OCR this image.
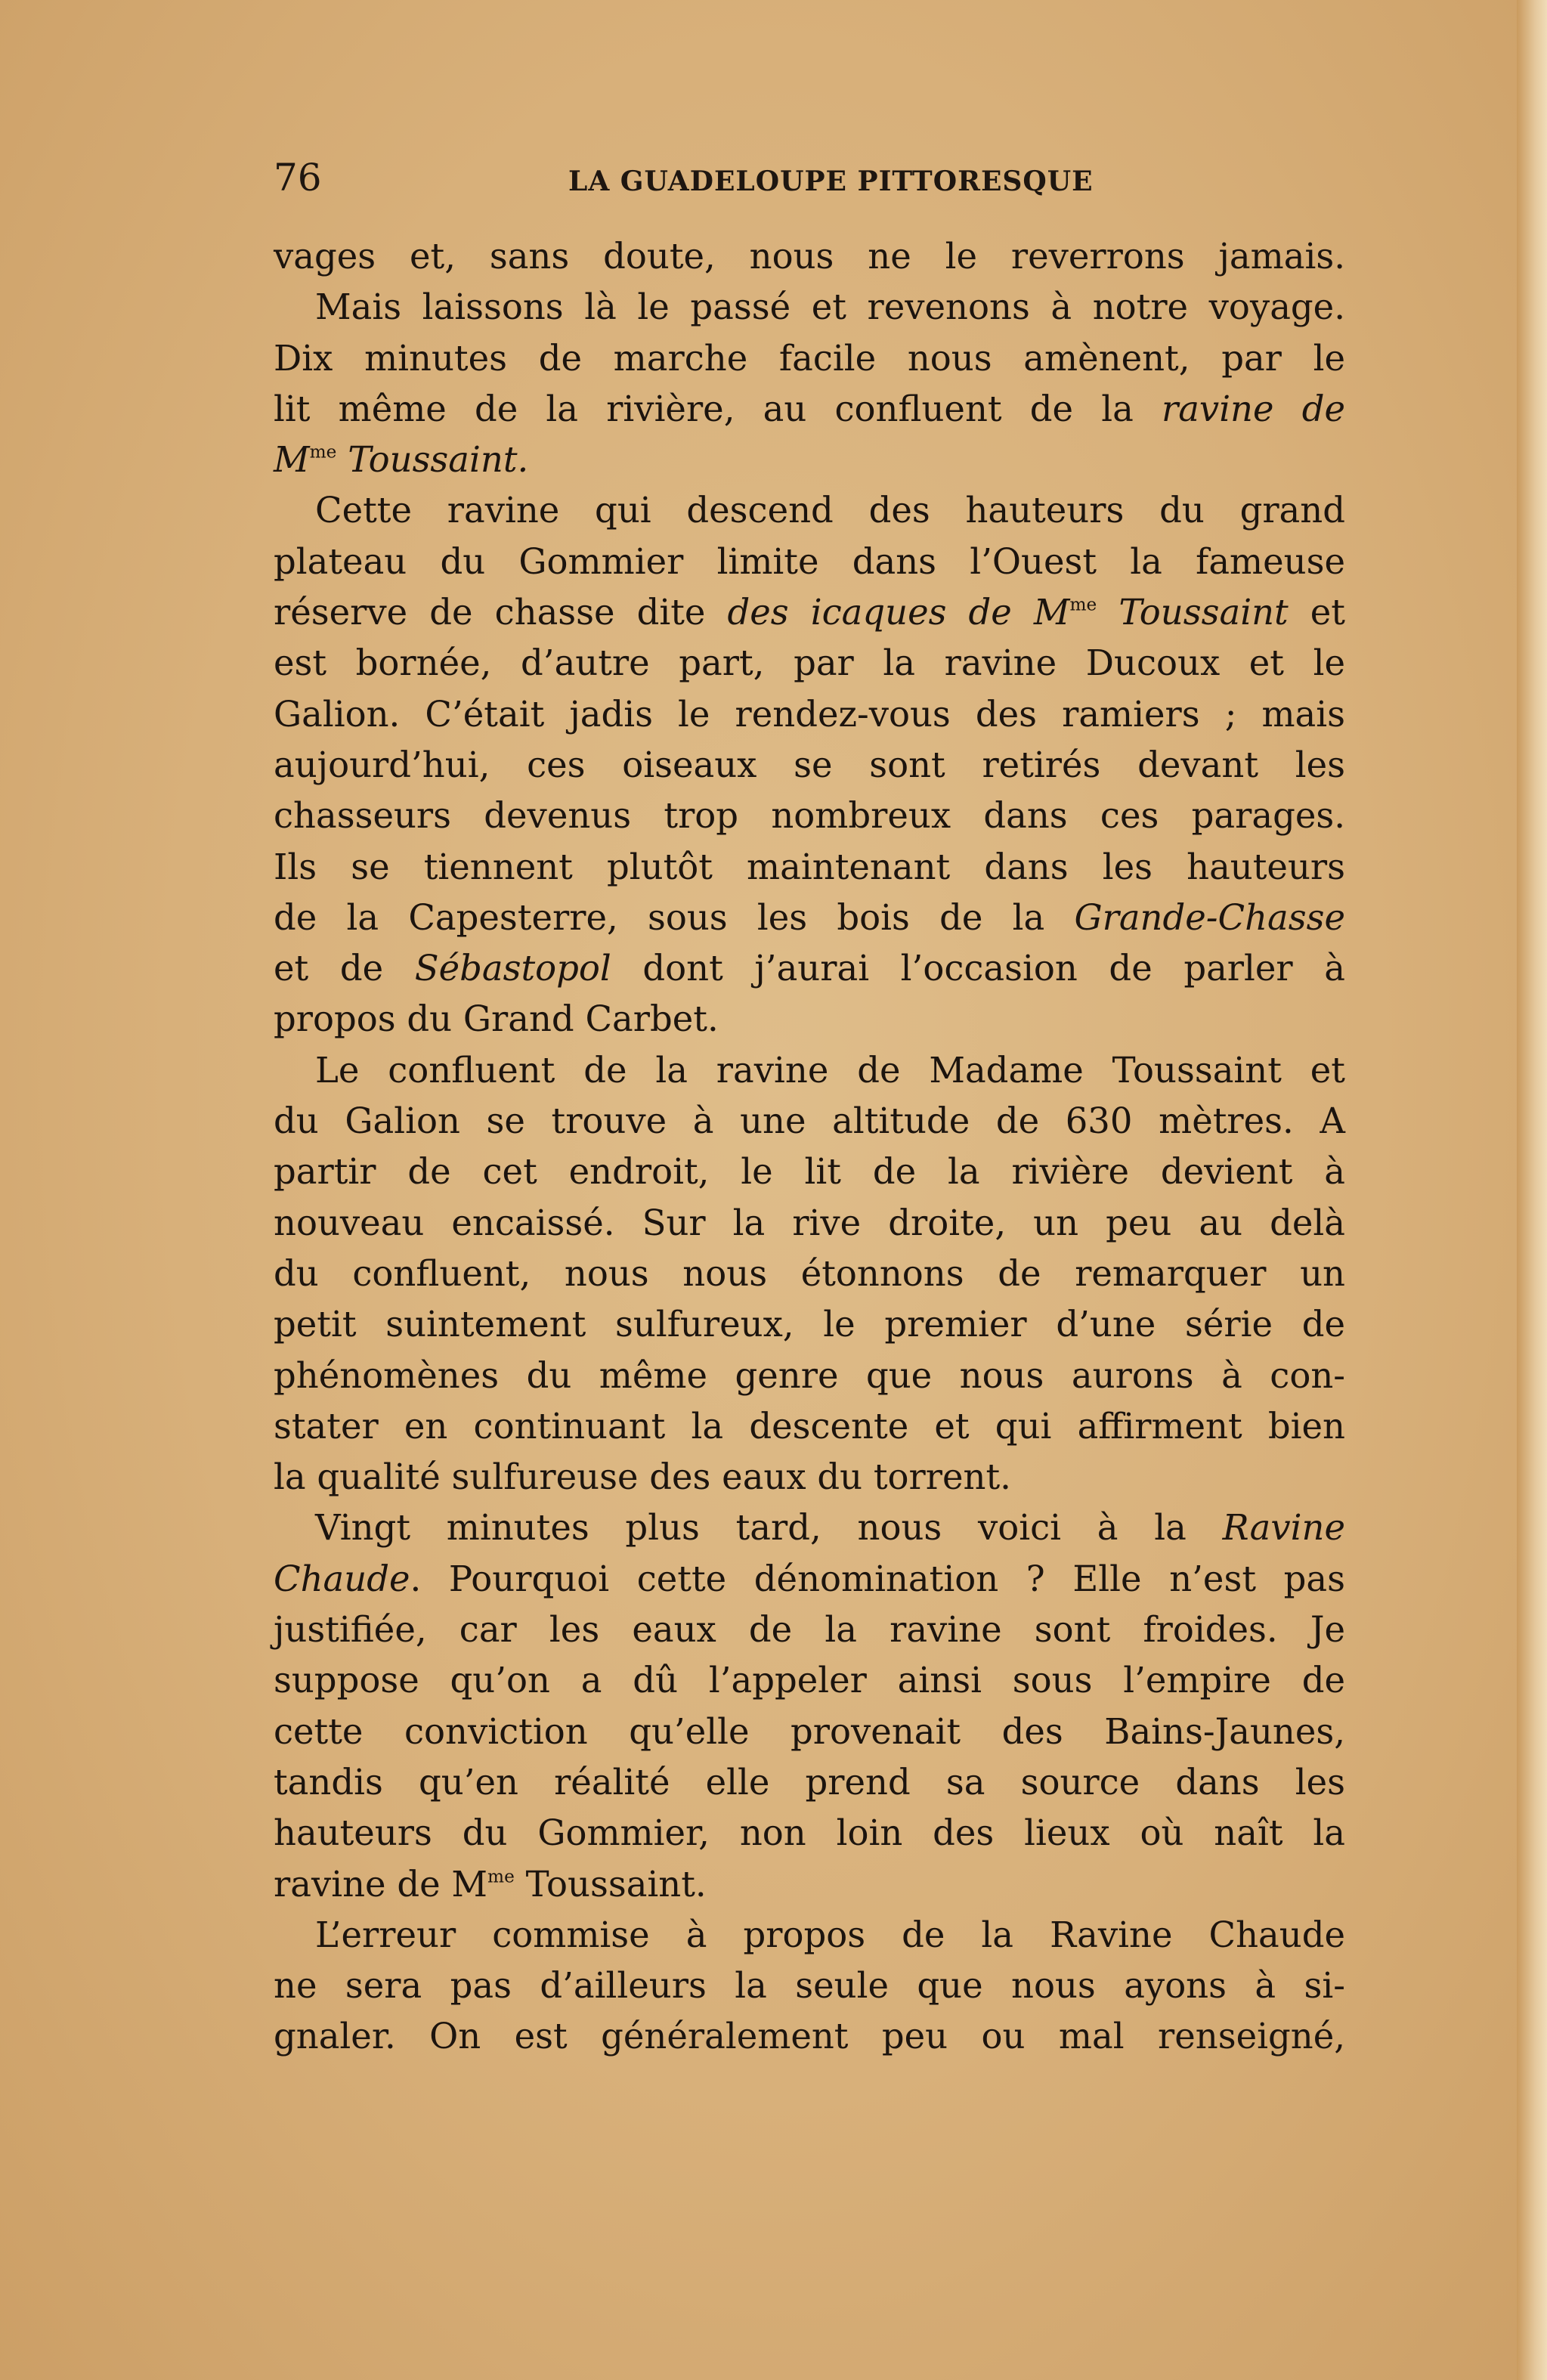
76	LA GUADELOUPE PITTORESQUE
vages et, sans doute, nous ne le reverrons jamais.
Mais laissons là le passé et revenons à notre voyage.
Dix minutes de marche facile nous amènent, par le
lit même de la rivière, au confluent de la ravine de
$M^{me}$ Toussaint.
Cette ravine qui descend des hauteurs du grand
plateau du Gommier limite dans l’Ouest la fameuse
réserve de chasse dite des icaques de $M^{me}$ Toussaint et
est bornée, d’autre part, par la ravine Ducoux et le
Galion. C’était jadis le rendez-vous des ramiers ; mais
aujourd’hui, ces oiseaux se sont retirés devant les
chasseurs devenus trop nombreux dans ces parages.
Ils se tiennent plutôt maintenant dans les hauteurs
de la Capesterre, sous les bois de la Grande-Chasse
et de Sébastopol dont j’aurai l’occasion de parler à
propos du Grand Carbet.
Le confluent de la ravine de Madame Toussaint et
du Galion se trouve à une altitude de 630 mètres. A
partir de cet endroit, le lit de la rivière devient à
nouveau encaissé. Sur la rive droite, un peu au delà
du confluent, nous nous étonnons de remarquer un
petit suintement sulfureux, le premier d’une série de
phénomènes du même genre que nous aurons à con-
stater en continuant la descente et qui affirment bien
la qualité sulfureuse des eaux du torrent.
Vingt minutes plus tard, nous voici à la Ravine
Chaude. Pourquoi cette dénomination ? Elle n’est pas
justifiée, car les eaux de la ravine sont froides. Je
suppose qu’on a dû l’appeler ainsi sous l’empire de
cette conviction qu’elle provenait des Bains-Jaunes,
tandis qu’en réalité elle prend sa source dans les
hauteurs du Gommier, non loin des lieux où naît la
ravine de $M^{me}$ Toussaint.
L’erreur commise à propos de la Ravine Chaude
ne sera pas d’ailleurs la seule que nous ayons à si-
gnaler. On est généralement peu ou mal renseigné,
